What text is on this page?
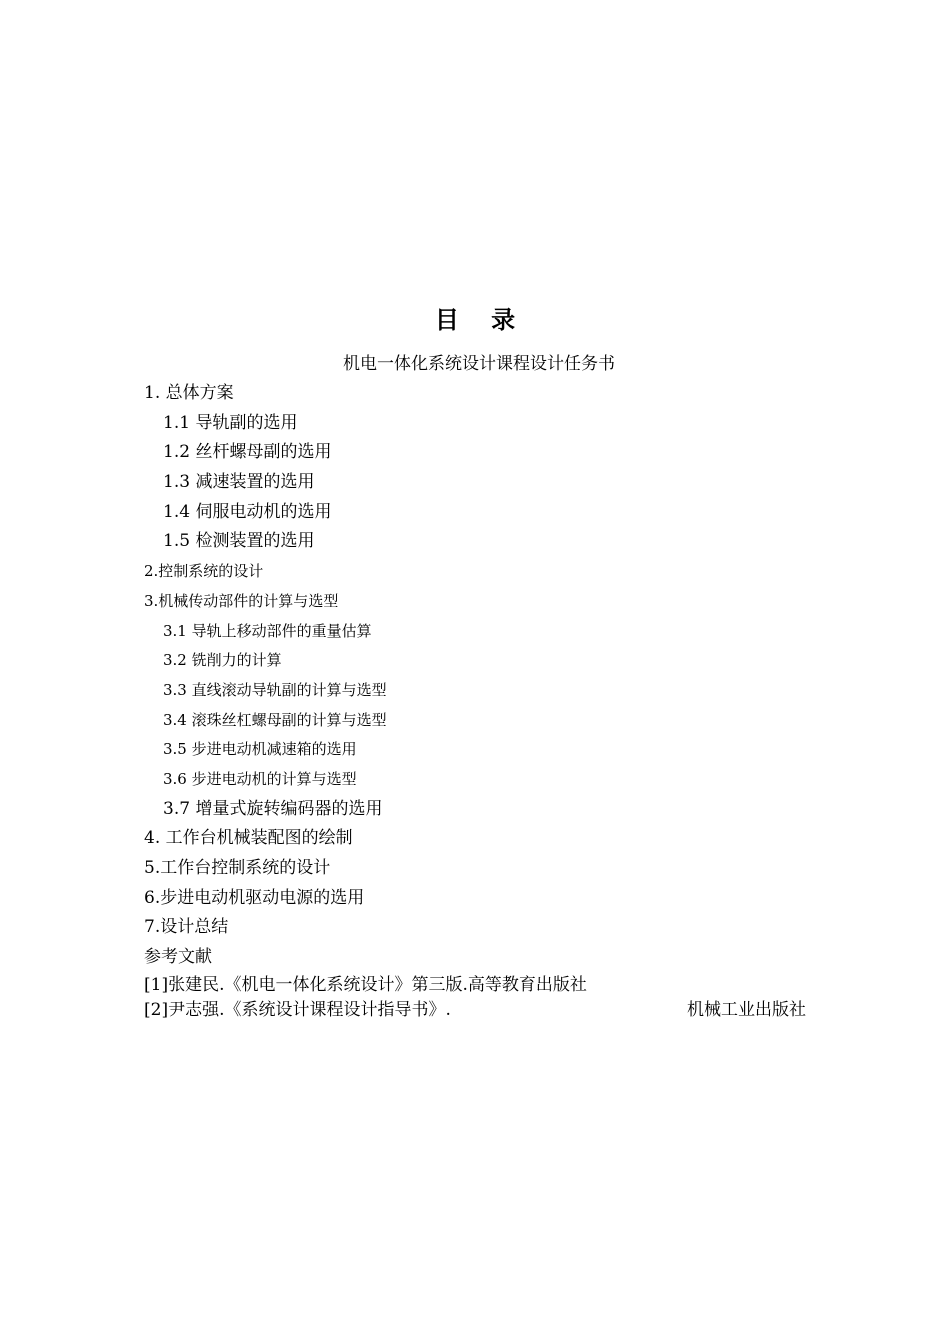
目 录
机电一体化系统设计课程设计任务书
1. 总体方案
1.1 导轨副的选用
1.2 丝杆螺母副的选用
1.3 减速装置的选用
1.4 伺服电动机的选用
1.5 检测装置的选用
2.控制系统的设计
3.机械传动部件的计算与选型
3.1 导轨上移动部件的重量估算
3.2 铣削力的计算
3.3 直线滚动导轨副的计算与选型
3.4 滚珠丝杠螺母副的计算与选型
3.5 步进电动机减速箱的选用
3.6 步进电动机的计算与选型
3.7 增量式旋转编码器的选用
4. 工作台机械装配图的绘制
5.工作台控制系统的设计
6.步进电动机驱动电源的选用
7.设计总结
参考文献
[1]张建民.《机电一体化系统设计》第三版.高等教育出版社
[2]尹志强.《系统设计课程设计指导书》.	机械工业出版社
